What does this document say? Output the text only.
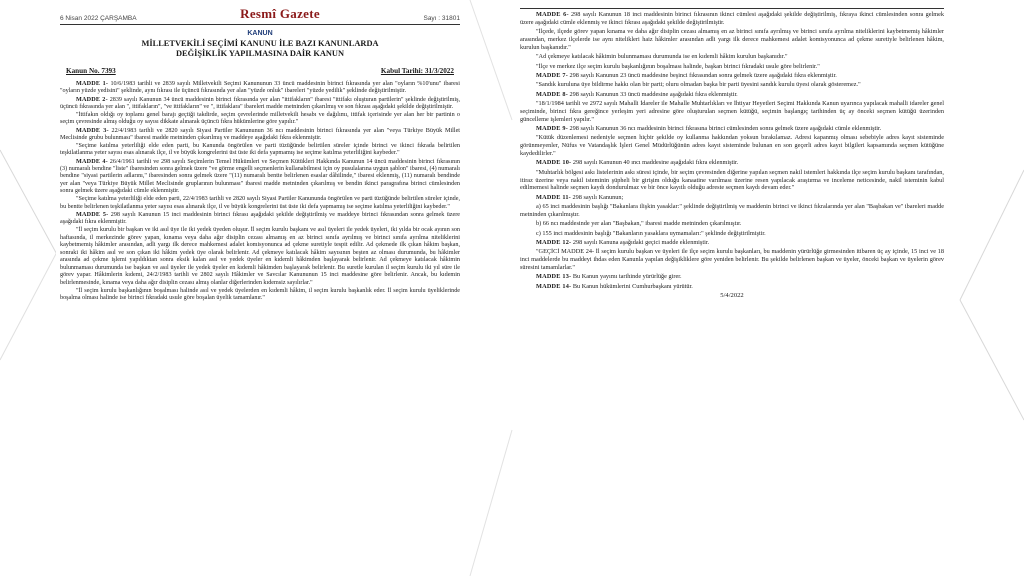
6 Nisan 2022 ÇARŞAMBA	Resmî Gazete	Sayı : 31801
KANUN
MİLLETVEKİLİ SEÇİMİ KANUNU İLE BAZI KANUNLARDA
DEĞİŞİKLİK YAPILMASINA DAİR KANUN
Kanun No. 7393	Kabul Tarihi: 31/3/2022

MADDE 1- 10/6/1983 tarihli ve 2839 sayılı Milletvekili Seçimi Kanununun 33 üncü maddesinin birinci fıkrasında yer alan "oyların %10'unu" ibaresi "oyların yüzde yedisini" şeklinde, aynı fıkrası ile üçüncü fıkrasında yer alan "yüzde onluk" ibareleri "yüzde yedilik" şeklinde değiştirilmiştir.

MADDE 2- 2839 sayılı Kanunun 34 üncü maddesinin birinci fıkrasında yer alan "ittifakların" ibaresi "ittifakı oluşturan partilerin" şeklinde değiştirilmiş, üçüncü fıkrasında yer alan ", ittifakların", "ve ittifakların" ve ", ittifaklara" ibareleri madde metninden çıkarılmış ve son fıkrası aşağıdaki şekilde değiştirilmiştir.

"İttifakın oldığı oy toplamı genel barajı geçtiği takdirde, seçim çevrelerinde milletvekili hesabı ve dağılımı, ittifak içerisinde yer alan her bir partinin o seçim çevresinde almış olduğu oy sayısı dikkate alınarak üçüncü fıkra hükümlerine göre yapılır."

MADDE 3- 22/4/1983 tarihli ve 2820 sayılı Siyasi Partiler Kanununun 36 ncı maddesinin birinci fıkrasında yer alan "veya Türkiye Büyük Millet Meclisinde grubu bulunması" ibaresi madde metninden çıkarılmış ve maddeye aşağıdaki fıkra eklenmiştir.

"Seçime katılma yeterliliği elde eden parti, bu Kanunda öngörülen ve parti tüzüğünde belirtilen süreler içinde birinci ve ikinci fıkrada belirtilen teşkilatlanma yeter sayısı esas alınarak ilçe, il ve büyük kongrelerini üst üste iki defa yapmamış ise seçime katılma yeterliliğini kaybeder."

MADDE 4- 26/4/1961 tarihli ve 298 sayılı Seçimlerin Temel Hükümleri ve Seçmen Kütükleri Hakkında Kanunun 14 üncü maddesinin birinci fıkrasının (3) numaralı bendine "liste" ibaresinden sonra gelmek üzere "ve görme engelli seçmenlerin kullanabilmesi için oy pusulalarına uygun şablon" ibaresi, (4) numaralı bendine "siyasi partilerin adlarını," ibaresinden sonra gelmek üzere "(11) numaralı bentte belirlenen esaslar dâhilinde," ibaresi eklenmiş, (11) numaralı bendinde yer alan "veya Türkiye Büyük Millet Meclisinde gruplarının bulunması" ibaresi madde metninden çıkarılmış ve bendin ikinci paragrafına birinci cümlesinden sonra gelmek üzere aşağıdaki cümle eklenmiştir.

"Seçime katılma yeterliliği elde eden parti, 22/4/1983 tarihli ve 2820 sayılı Siyasi Partiler Kanununda öngörülen ve parti tüzüğünde belirtilen süreler içinde, bu bentte belirlenen teşkilatlanma yeter sayısı esas alınarak ilçe, il ve büyük kongrelerini üst üste iki defa yapmamış ise seçime katılma yeterliliğini kaybeder."

MADDE 5- 298 sayılı Kanunun 15 inci maddesinin birinci fıkrası aşağıdaki şekilde değiştirilmiş ve maddeye birinci fıkrasından sonra gelmek üzere aşağıdaki fıkra eklenmiştir.

"İl seçim kurulu bir başkan ve iki asıl üye ile iki yedek üyeden oluşur. İl seçim kurulu başkanı ve asıl üyeleri ile yedek üyeleri, iki yılda bir ocak ayının son haftasında, il merkezinde görev yapan, kınama veya daha ağır disiplin cezası almamış en az birinci sınıfa ayrılmış ve birinci sınıfa ayrılma niteliklerini kaybetmemiş hâkimler arasından, adli yargı ilk derece mahkemesi adalet komisyonunca ad çekme suretiyle tespit edilir. Ad çekmede ilk çıkan hâkim başkan, sonraki iki hâkim asıl ve son çıkan iki hâkim yedek üye olarak belirlenir. Ad çekmeye katılacak hâkim sayısının beşten az olması durumunda, bu hâkimler arasında ad çekme işlemi yapıldıktan sonra eksik kalan asıl ve yedek üyeler en kıdemli hâkimden başlayarak belirlenir. Ad çekmeye katılacak hâkimin bulunmaması durumunda ise başkan ve asıl üyeler ile yedek üyeler en kıdemli hâkimden başlayarak belirlenir. Bu suretle kurulan il seçim kurulu iki yıl süre ile görev yapar. Hâkimlerin kıdemi, 24/2/1983 tarihli ve 2802 sayılı Hâkimler ve Savcılar Kanununun 15 inci maddesine göre belirlenir. Ancak, bu kıdemin belirlenmesinde, kınama veya daha ağır disiplin cezası almış olanlar diğerlerinden kıdemsiz sayılırlar."

"İl seçim kurulu başkanlığının boşalması halinde asıl ve yedek üyelerden en kıdemli hâkim, il seçim kurulu başkanlık eder. İl seçim kurulu üyeliklerinde boşalma olması halinde ise birinci fıkradaki usule göre boşalan üyelik tamamlanır."

MADDE 6- 298 sayılı Kanunun 18 inci maddesinin birinci fıkrasının ikinci cümlesi aşağıdaki şekilde değiştirilmiş, fıkraya ikinci cümlesinden sonra gelmek üzere aşağıdaki cümle eklenmiş ve ikinci fıkrası aşağıdaki şekilde değiştirilmiştir.

"İlçede, ilçede görev yapan kınama ve daha ağır disiplin cezası almamış en az birinci sınıfa ayrılmış ve birinci sınıfa ayrılma niteliklerini kaybetmemiş hâkimler arasından, merkez ilçelerde ise aynı nitelikleri haiz hâkimler arasından adli yargı ilk derece mahkemesi adalet komisyonunca ad çekme suretiyle belirlenen hâkim, kurulun başkanıdır."

"Ad çekmeye katılacak hâkimin bulunmaması durumunda ise en kıdemli hâkim kurulun başkanıdır."

"İlçe ve merkez ilçe seçim kurulu başkanlığının boşalması halinde, başkan birinci fıkradaki usule göre belirlenir."

MADDE 7- 298 sayılı Kanunun 23 üncü maddesine beşinci fıkrasından sonra gelmek üzere aşağıdaki fıkra eklenmiştir.

"Sandık kuruluna üye bildirme hakkı olan bir parti; oluru olmadan başka bir parti üyesini sandık kurulu üyesi olarak gösteremez."

MADDE 8- 298 sayılı Kanunun 33 üncü maddesine aşağıdaki fıkra eklenmiştir.

"18/1/1984 tarihli ve 2972 sayılı Mahalli İdareler ile Mahalle Muhtarlıkları ve İhtiyar Heyetleri Seçimi Hakkında Kanun uyarınca yapılacak mahalli idareler genel seçiminde, birinci fıkra gereğince yerleşim yeri adresine göre oluşturulan seçmen kütüğü, seçimin başlangıç tarihinden üç ay önceki seçmen kütüğü üzerinden güncelleme işlemleri yapılır."

MADDE 9- 298 sayılı Kanunun 36 ncı maddesinin birinci fıkrasına birinci cümlesinden sonra gelmek üzere aşağıdaki cümle eklenmiştir.

"Kütük düzenlemesi nedeniyle seçmen hiçbir şekilde oy kullanma hakkından yoksun bırakılamaz. Adresi kapanmış olması sebebiyle adres kayıt sisteminde görünmeyenler, Nüfus ve Vatandaşlık İşleri Genel Müdürlüğünün adres kayıt sisteminde bulunan en son geçerli adres kayıt bilgileri kapsamında seçmen kütüğüne kaydedilirler."

MADDE 10- 298 sayılı Kanunun 40 ıncı maddesine aşağıdaki fıkra eklenmiştir.

"Muhtarlık bölgesi askı listelerinin askı süresi içinde, bir seçim çevresinden diğerine yapılan seçmen nakil istemleri hakkında ilçe seçim kurulu başkanı tarafından, itiraz üzerine veya nakil isteminin şüpheli bir girişim olduğu kanaatine varılması üzerine resen yapılacak araştırma ve inceleme neticesinde, nakil isteminin kabul edilmemesi halinde seçmen kaydı dondurulmaz ve bir önce kayıtlı olduğu adreste seçmen kaydı devam eder."

MADDE 11- 298 sayılı Kanunun;

a) 65 inci maddesinin başlığı "Bakanlara ilişkin yasaklar:" şeklinde değiştirilmiş ve maddenin birinci ve ikinci fıkralarında yer alan "Başbakan ve" ibareleri madde metninden çıkarılmıştır.

b) 66 ncı maddesinde yer alan "Başbakan," ibaresi madde metninden çıkarılmıştır.

c) 155 inci maddesinin başlığı "Bakanların yasaklara uymamaları:" şeklinde değiştirilmiştir.

MADDE 12- 298 sayılı Kanuna aşağıdaki geçici madde eklenmiştir.

"GEÇİCİ MADDE 24- İl seçim kurulu başkan ve üyeleri ile ilçe seçim kurulu başkanları, bu maddenin yürürlüğe girmesinden itibaren üç ay içinde, 15 inci ve 18 inci maddelerde bu maddeyi ihdas eden Kanunla yapılan değişikliklere göre yeniden belirlenir. Bu şekilde belirlenen başkan ve üyeler, önceki başkan ve üyelerin görev süresini tamamlarlar."

MADDE 13- Bu Kanun yayımı tarihinde yürürlüğe girer.

MADDE 14- Bu Kanun hükümlerini Cumhurbaşkanı yürütür.

5/4/2022
